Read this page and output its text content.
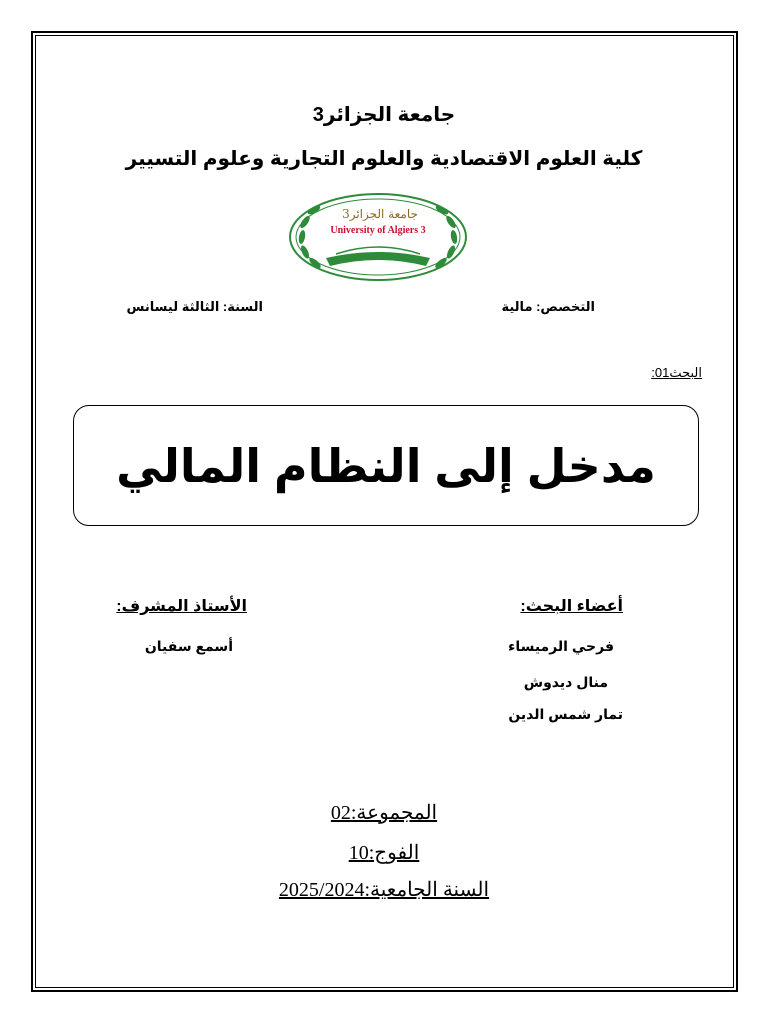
جامعة الجزائر3
كلية العلوم الاقتصادية والعلوم التجارية وعلوم التسيير
جامعة الجزائر3
University of Algiers 3
التخصص: مالية
السنة: الثالثة ليسانس
البحث01:
مدخل إلى النظام المالي
أعضاء البحث:
الأستاذ المشرف:
فرحي الرميساء
منال ديدوش
تمار شمس الدين
أسمع سفيان
المجموعة:02
الفوج:10
السنة الجامعية:2025/2024
